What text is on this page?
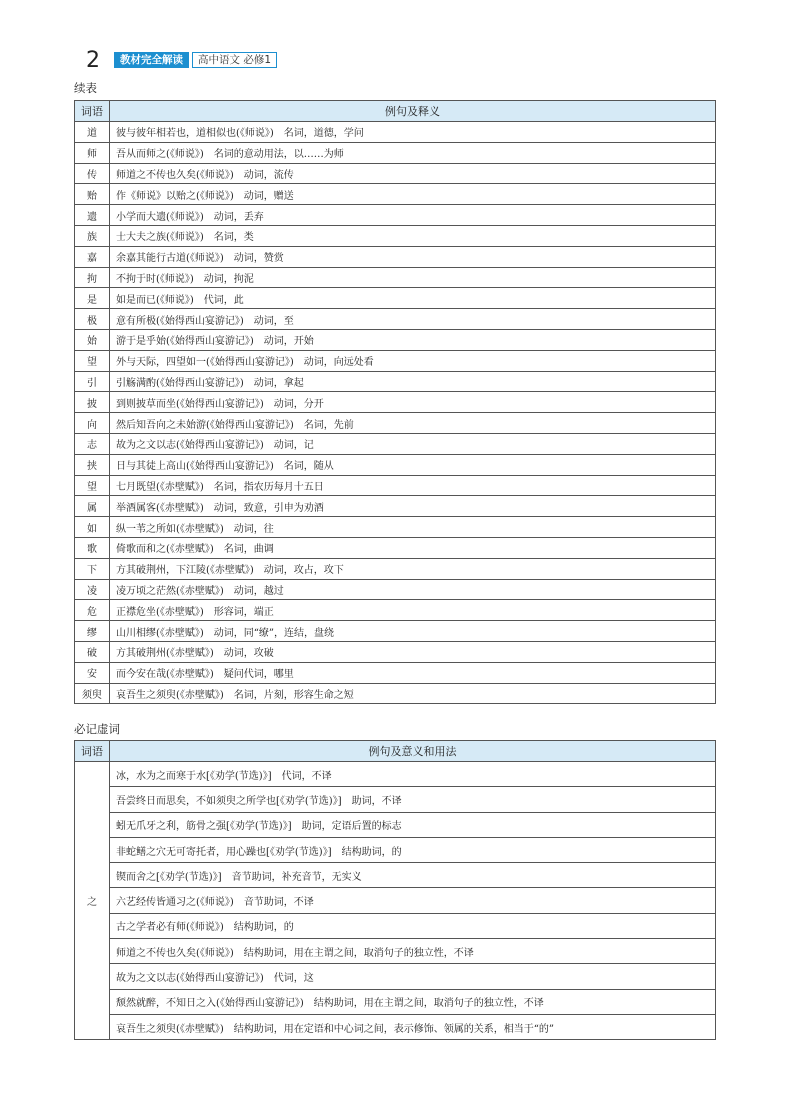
2	教材完全解读	高中语文 必修1
续表
词语	例句及释义
道	彼与彼年相若也，道相似也(《师说》)　名词，道德，学问
师	吾从而师之(《师说》)　名词的意动用法，以……为师
传	师道之不传也久矣(《师说》)　动词，流传
贻	作《师说》以贻之(《师说》)　动词，赠送
遗	小学而大遗(《师说》)　动词，丢弃
族	士大夫之族(《师说》)　名词，类
嘉	余嘉其能行古道(《师说》)　动词，赞赏
拘	不拘于时(《师说》)　动词，拘泥
是	如是而已(《师说》)　代词，此
极	意有所极(《始得西山宴游记》)　动词，至
始	游于是乎始(《始得西山宴游记》)　动词，开始
望	外与天际，四望如一(《始得西山宴游记》)　动词，向远处看
引	引觞满酌(《始得西山宴游记》)　动词，拿起
披	到则披草而坐(《始得西山宴游记》)　动词，分开
向	然后知吾向之未始游(《始得西山宴游记》)　名词，先前
志	故为之文以志(《始得西山宴游记》)　动词，记
挟	日与其徒上高山(《始得西山宴游记》)　名词，随从
望	七月既望(《赤壁赋》)　名词，指农历每月十五日
属	举酒属客(《赤壁赋》)　动词，致意，引申为劝酒
如	纵一苇之所如(《赤壁赋》)　动词，往
歌	倚歌而和之(《赤壁赋》)　名词，曲调
下	方其破荆州，下江陵(《赤壁赋》)　动词，攻占，攻下
凌	凌万顷之茫然(《赤壁赋》)　动词，越过
危	正襟危坐(《赤壁赋》)　形容词，端正
缪	山川相缪(《赤壁赋》)　动词，同“缭”，连结，盘绕
破	方其破荆州(《赤壁赋》)　动词，攻破
安	而今安在哉(《赤壁赋》)　疑问代词，哪里
须臾	哀吾生之须臾(《赤壁赋》)　名词，片刻，形容生命之短
必记虚词
词语	例句及意义和用法
之	冰，水为之而寒于水[《劝学(节选)》]　代词，不译
	吾尝终日而思矣，不如须臾之所学也[《劝学(节选)》]　助词，不译
	蚓无爪牙之利，筋骨之强[《劝学(节选)》]　助词，定语后置的标志
	非蛇鳝之穴无可寄托者，用心躁也[《劝学(节选)》]　结构助词，的
	锲而舍之[《劝学(节选)》]　音节助词，补充音节，无实义
	六艺经传皆通习之(《师说》)　音节助词，不译
	古之学者必有师(《师说》)　结构助词，的
	师道之不传也久矣(《师说》)　结构助词，用在主谓之间，取消句子的独立性，不译
	故为之文以志(《始得西山宴游记》)　代词，这
	颓然就醉，不知日之入(《始得西山宴游记》)　结构助词，用在主谓之间，取消句子的独立性，不译
	哀吾生之须臾(《赤壁赋》)　结构助词，用在定语和中心词之间，表示修饰、领属的关系，相当于“的”
